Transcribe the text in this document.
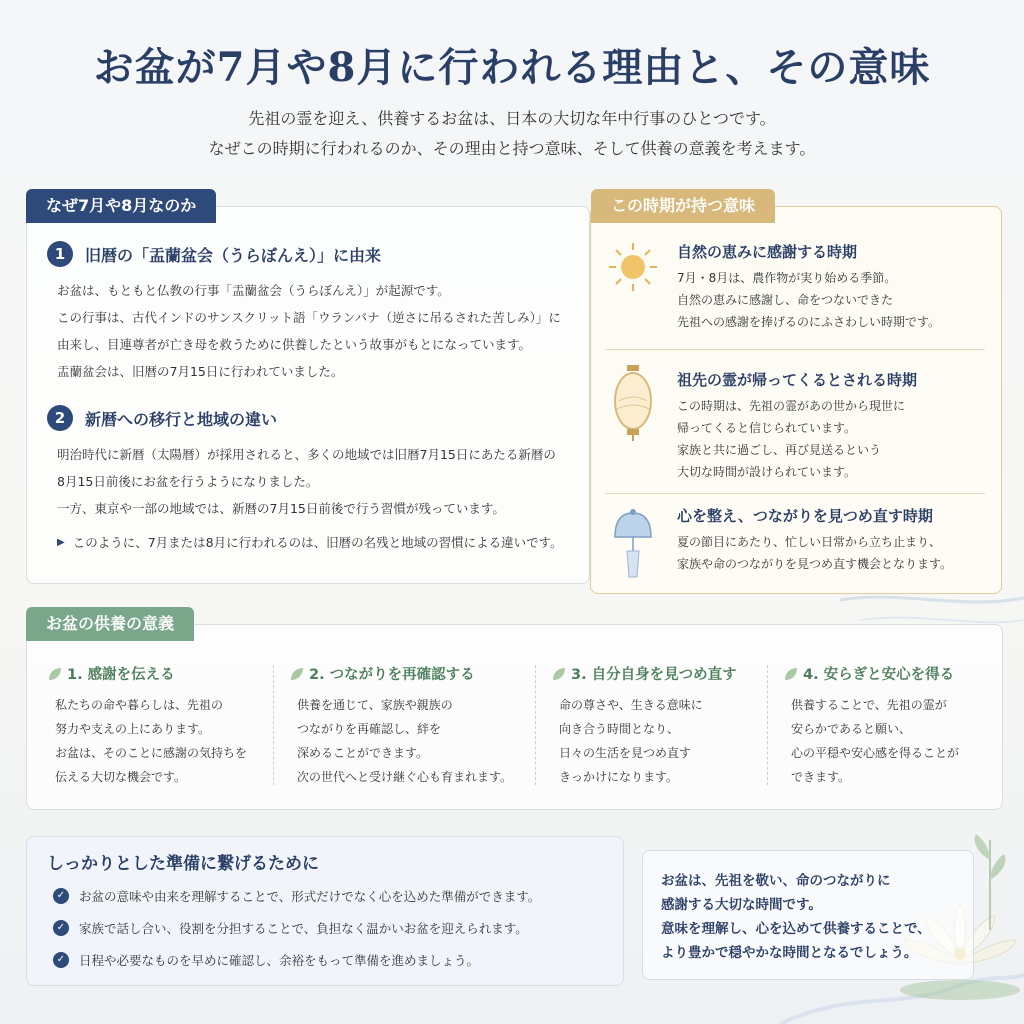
お盆が7月や8月に行われる理由と、その意味
先祖の霊を迎え、供養するお盆は、日本の大切な年中行事のひとつです。
なぜこの時期に行われるのか、その理由と持つ意味、そして供養の意義を考えます。
なぜ7月や8月なのか
1	旧暦の「盂蘭盆会（うらぼんえ）」に由来
お盆は、もともと仏教の行事「盂蘭盆会（うらぼんえ）」が起源です。
この行事は、古代インドのサンスクリット語「ウランバナ（逆さに吊るされた苦しみ）」に
由来し、目連尊者が亡き母を救うために供養したという故事がもとになっています。
盂蘭盆会は、旧暦の7月15日に行われていました。
2	新暦への移行と地域の違い
明治時代に新暦（太陽暦）が採用されると、多くの地域では旧暦7月15日にあたる新暦の
8月15日前後にお盆を行うようになりました。
一方、東京や一部の地域では、新暦の7月15日前後で行う習慣が残っています。
▶ このように、7月または8月に行われるのは、旧暦の名残と地域の習慣による違いです。
この時期が持つ意味
自然の恵みに感謝する時期
7月・8月は、農作物が実り始める季節。
自然の恵みに感謝し、命をつないできた
先祖への感謝を捧げるのにふさわしい時期です。
祖先の霊が帰ってくるとされる時期
この時期は、先祖の霊があの世から現世に
帰ってくると信じられています。
家族と共に過ごし、再び見送るという
大切な時間が設けられています。
心を整え、つながりを見つめ直す時期
夏の節目にあたり、忙しい日常から立ち止まり、
家族や命のつながりを見つめ直す機会となります。
お盆の供養の意義
1. 感謝を伝える
私たちの命や暮らしは、先祖の
努力や支えの上にあります。
お盆は、そのことに感謝の気持ちを
伝える大切な機会です。
2. つながりを再確認する
供養を通じて、家族や親族の
つながりを再確認し、絆を
深めることができます。
次の世代へと受け継ぐ心も育まれます。
3. 自分自身を見つめ直す
命の尊さや、生きる意味に
向き合う時間となり、
日々の生活を見つめ直す
きっかけになります。
4. 安らぎと安心を得る
供養することで、先祖の霊が
安らかであると願い、
心の平穏や安心感を得ることが
できます。
しっかりとした準備に繋げるために
✓	お盆の意味や由来を理解することで、形式だけでなく心を込めた準備ができます。
✓	家族で話し合い、役割を分担することで、負担なく温かいお盆を迎えられます。
✓	日程や必要なものを早めに確認し、余裕をもって準備を進めましょう。
お盆は、先祖を敬い、命のつながりに
感謝する大切な時間です。
意味を理解し、心を込めて供養することで、
より豊かで穏やかな時間となるでしょう。
